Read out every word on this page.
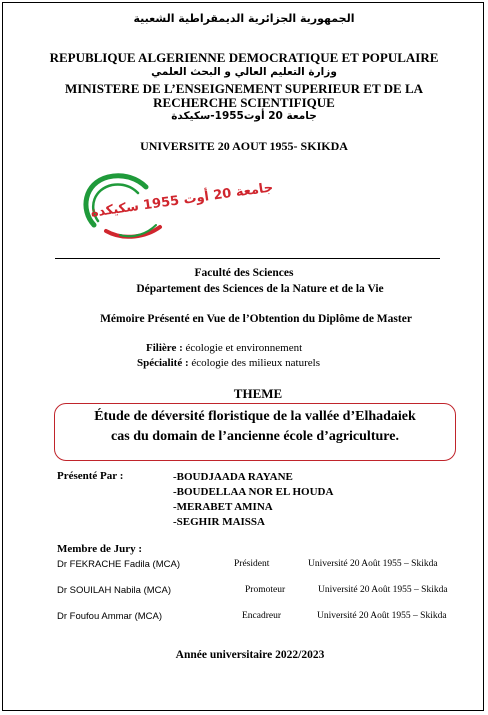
الجمهورية الجزائرية الديمقراطية الشعبية
REPUBLIQUE ALGERIENNE DEMOCRATIQUE ET POPULAIRE
وزارة التعليم العالي و البحث العلمي
MINISTERE DE L’ENSEIGNEMENT SUPERIEUR ET DE LA
RECHERCHE SCIENTIFIQUE
جامعة 20 أوت1955-سكيكدة
UNIVERSITE 20 AOUT 1955- SKIKDA
جامعة 20 أوت 1955 سكيكدة
Faculté des Sciences
Département des Sciences de la Nature et de la Vie
Mémoire Présenté en Vue de l’Obtention du Diplôme de Master
Filière : écologie et environnement
Spécialité : écologie des milieux naturels
THEME
Étude de déversité floristique de la vallée d’Elhadaiek
cas du domain de l’ancienne école d’agriculture.
Présenté Par :	-BOUDJAADA RAYANE
-BOUDELLAA NOR EL HOUDA
-MERABET AMINA
-SEGHIR MAISSA
Membre de Jury :
Dr FEKRACHE Fadila (MCA)	Président	Université 20 Août 1955 – Skikda
Dr SOUILAH Nabila (MCA)	Promoteur	Université 20 Août 1955 – Skikda
Dr Foufou Ammar (MCA)	Encadreur	Université 20 Août 1955 – Skikda
Année universitaire 2022/2023
